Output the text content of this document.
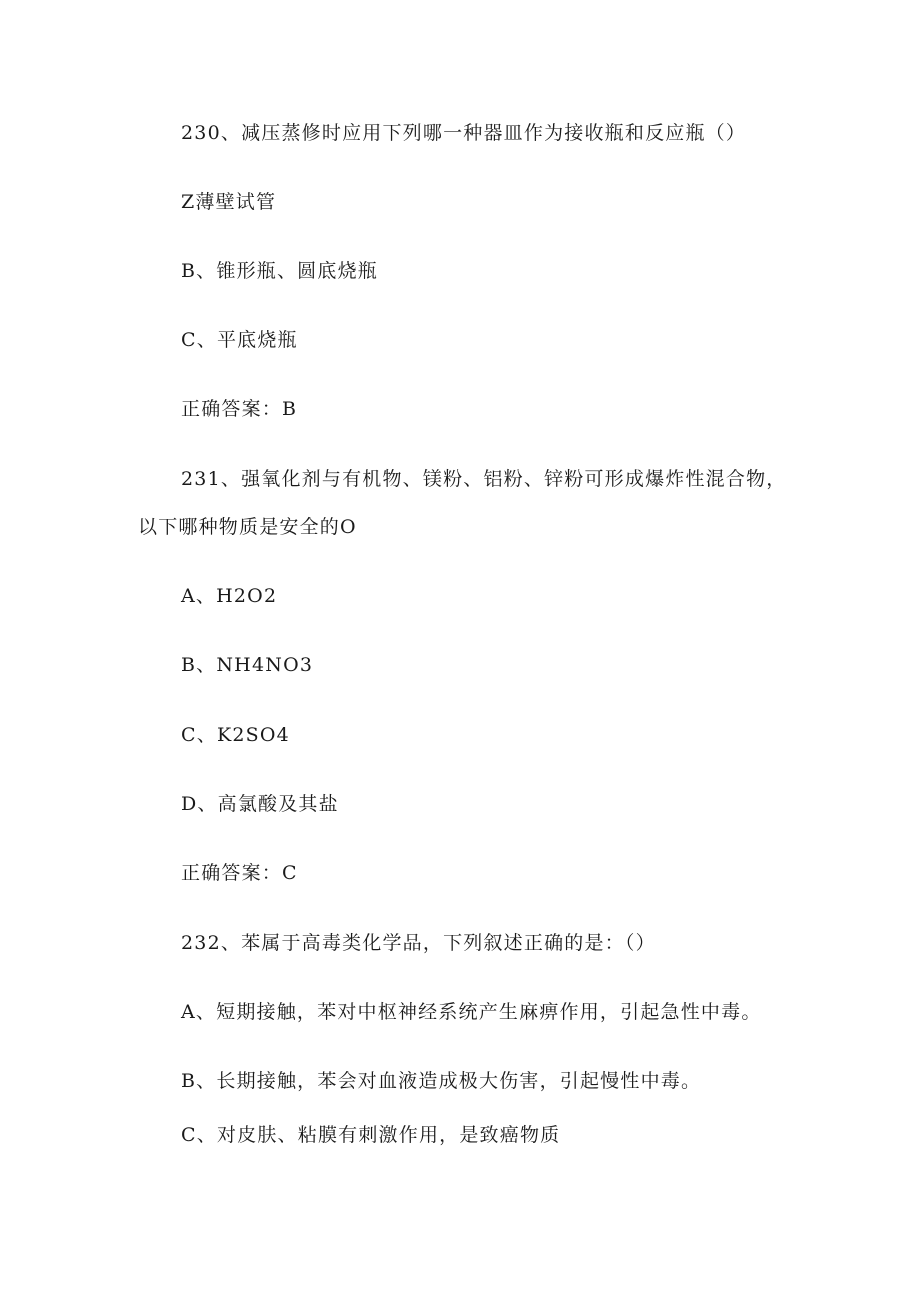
230、减压蒸修时应用下列哪一种器皿作为接收瓶和反应瓶（）
Z薄壁试管
B、锥形瓶、圆底烧瓶
C、平底烧瓶
正确答案：B
231、强氧化剂与有机物、镁粉、铝粉、锌粉可形成爆炸性混合物，
以下哪种物质是安全的O
A、H2O2
B、NH4NO3
C、K2SO4
D、高氯酸及其盐
正确答案：C
232、苯属于高毒类化学品，下列叙述正确的是：（）
A、短期接触，苯对中枢神经系统产生麻痹作用，引起急性中毒。
B、长期接触，苯会对血液造成极大伤害，引起慢性中毒。
C、对皮肤、粘膜有刺激作用，是致癌物质
